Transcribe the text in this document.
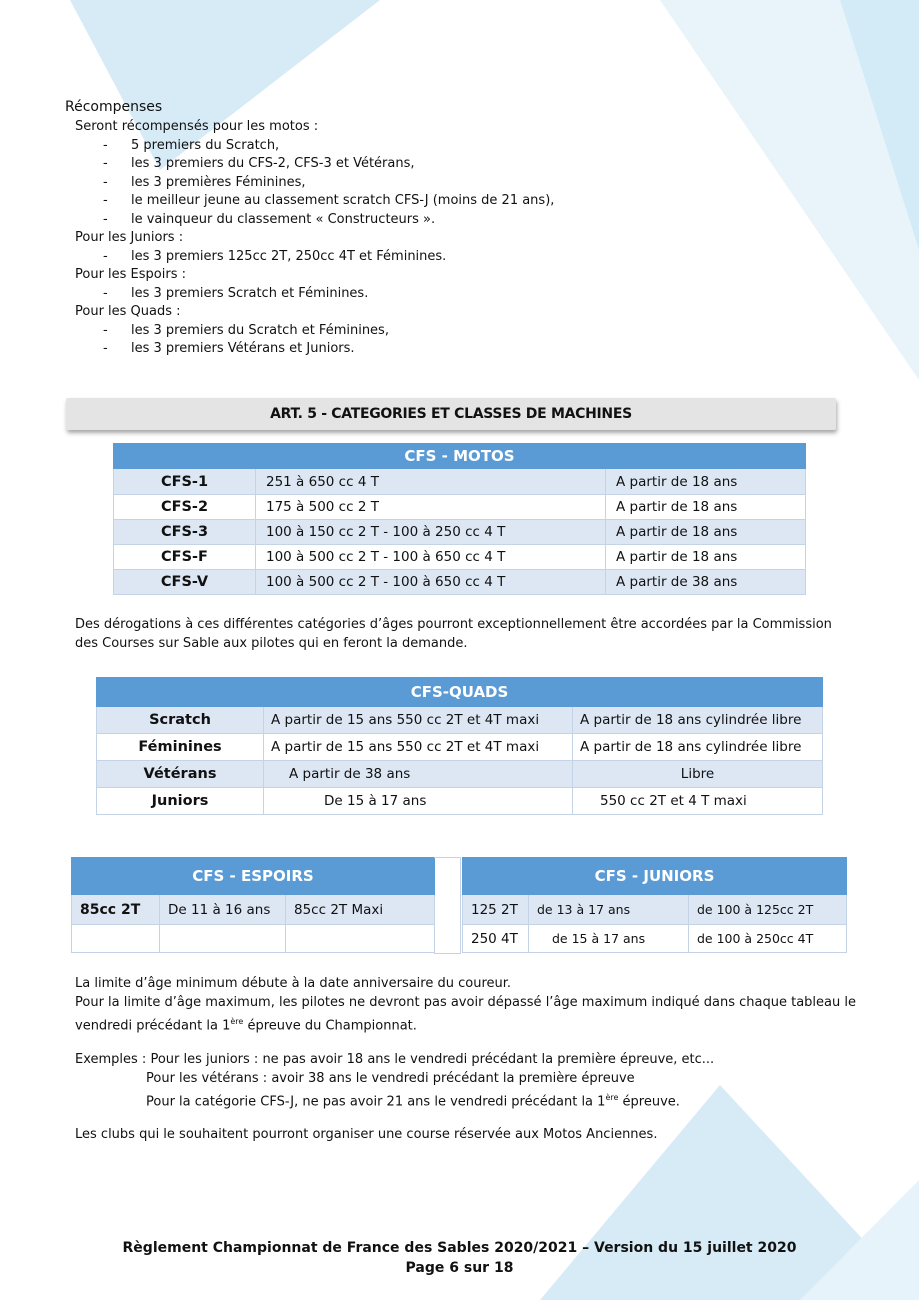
Récompenses
Seront récompensés pour les motos :
- 5 premiers du Scratch,
- les 3 premiers du CFS-2, CFS-3 et Vétérans,
- les 3 premières Féminines,
- le meilleur jeune au classement scratch CFS-J (moins de 21 ans),
- le vainqueur du classement « Constructeurs ».
Pour les Juniors :
- les 3 premiers 125cc 2T, 250cc 4T et Féminines.
Pour les Espoirs :
- les 3 premiers Scratch et Féminines.
Pour les Quads :
- les 3 premiers du Scratch et Féminines,
- les 3 premiers Vétérans et Juniors.
ART. 5 - CATEGORIES ET CLASSES DE MACHINES
CFS - MOTOS		
CFS-1	251 à 650 cc 4 T	A partir de 18 ans
CFS-2	175 à 500 cc 2 T	A partir de 18 ans
CFS-3	100 à 150 cc 2 T - 100 à 250 cc 4 T	A partir de 18 ans
CFS-F	100 à 500 cc 2 T - 100 à 650 cc 4 T	A partir de 18 ans
CFS-V	100 à 500 cc 2 T - 100 à 650 cc 4 T	A partir de 38 ans
Des dérogations à ces différentes catégories d’âges pourront exceptionnellement être accordées par la Commission des Courses sur Sable aux pilotes qui en feront la demande.
CFS-QUADS		
Scratch	A partir de 15 ans 550 cc 2T et 4T maxi	A partir de 18 ans cylindrée libre
Féminines	A partir de 15 ans 550 cc 2T et 4T maxi	A partir de 18 ans cylindrée libre
Vétérans	A partir de 38 ans	Libre
Juniors	De 15 à 17 ans	550 cc 2T et 4 T maxi
CFS - ESPOIRS		
85cc 2T	De 11 à 16 ans	85cc 2T Maxi

CFS - JUNIORS		
125 2T	de 13 à 17 ans	de 100 à 125cc 2T
250 4T	de 15 à 17 ans	de 100 à 250cc 4T
La limite d’âge minimum débute à la date anniversaire du coureur.
Pour la limite d’âge maximum, les pilotes ne devront pas avoir dépassé l’âge maximum indiqué dans chaque tableau le
vendredi précédant la 1ère épreuve du Championnat.
Exemples : Pour les juniors : ne pas avoir 18 ans le vendredi précédant la première épreuve, etc...
Pour les vétérans : avoir 38 ans le vendredi précédant la première épreuve
Pour la catégorie CFS-J, ne pas avoir 21 ans le vendredi précédant la 1ère épreuve.
Les clubs qui le souhaitent pourront organiser une course réservée aux Motos Anciennes.
Règlement Championnat de France des Sables 2020/2021 – Version du 15 juillet 2020
Page 6 sur 18
